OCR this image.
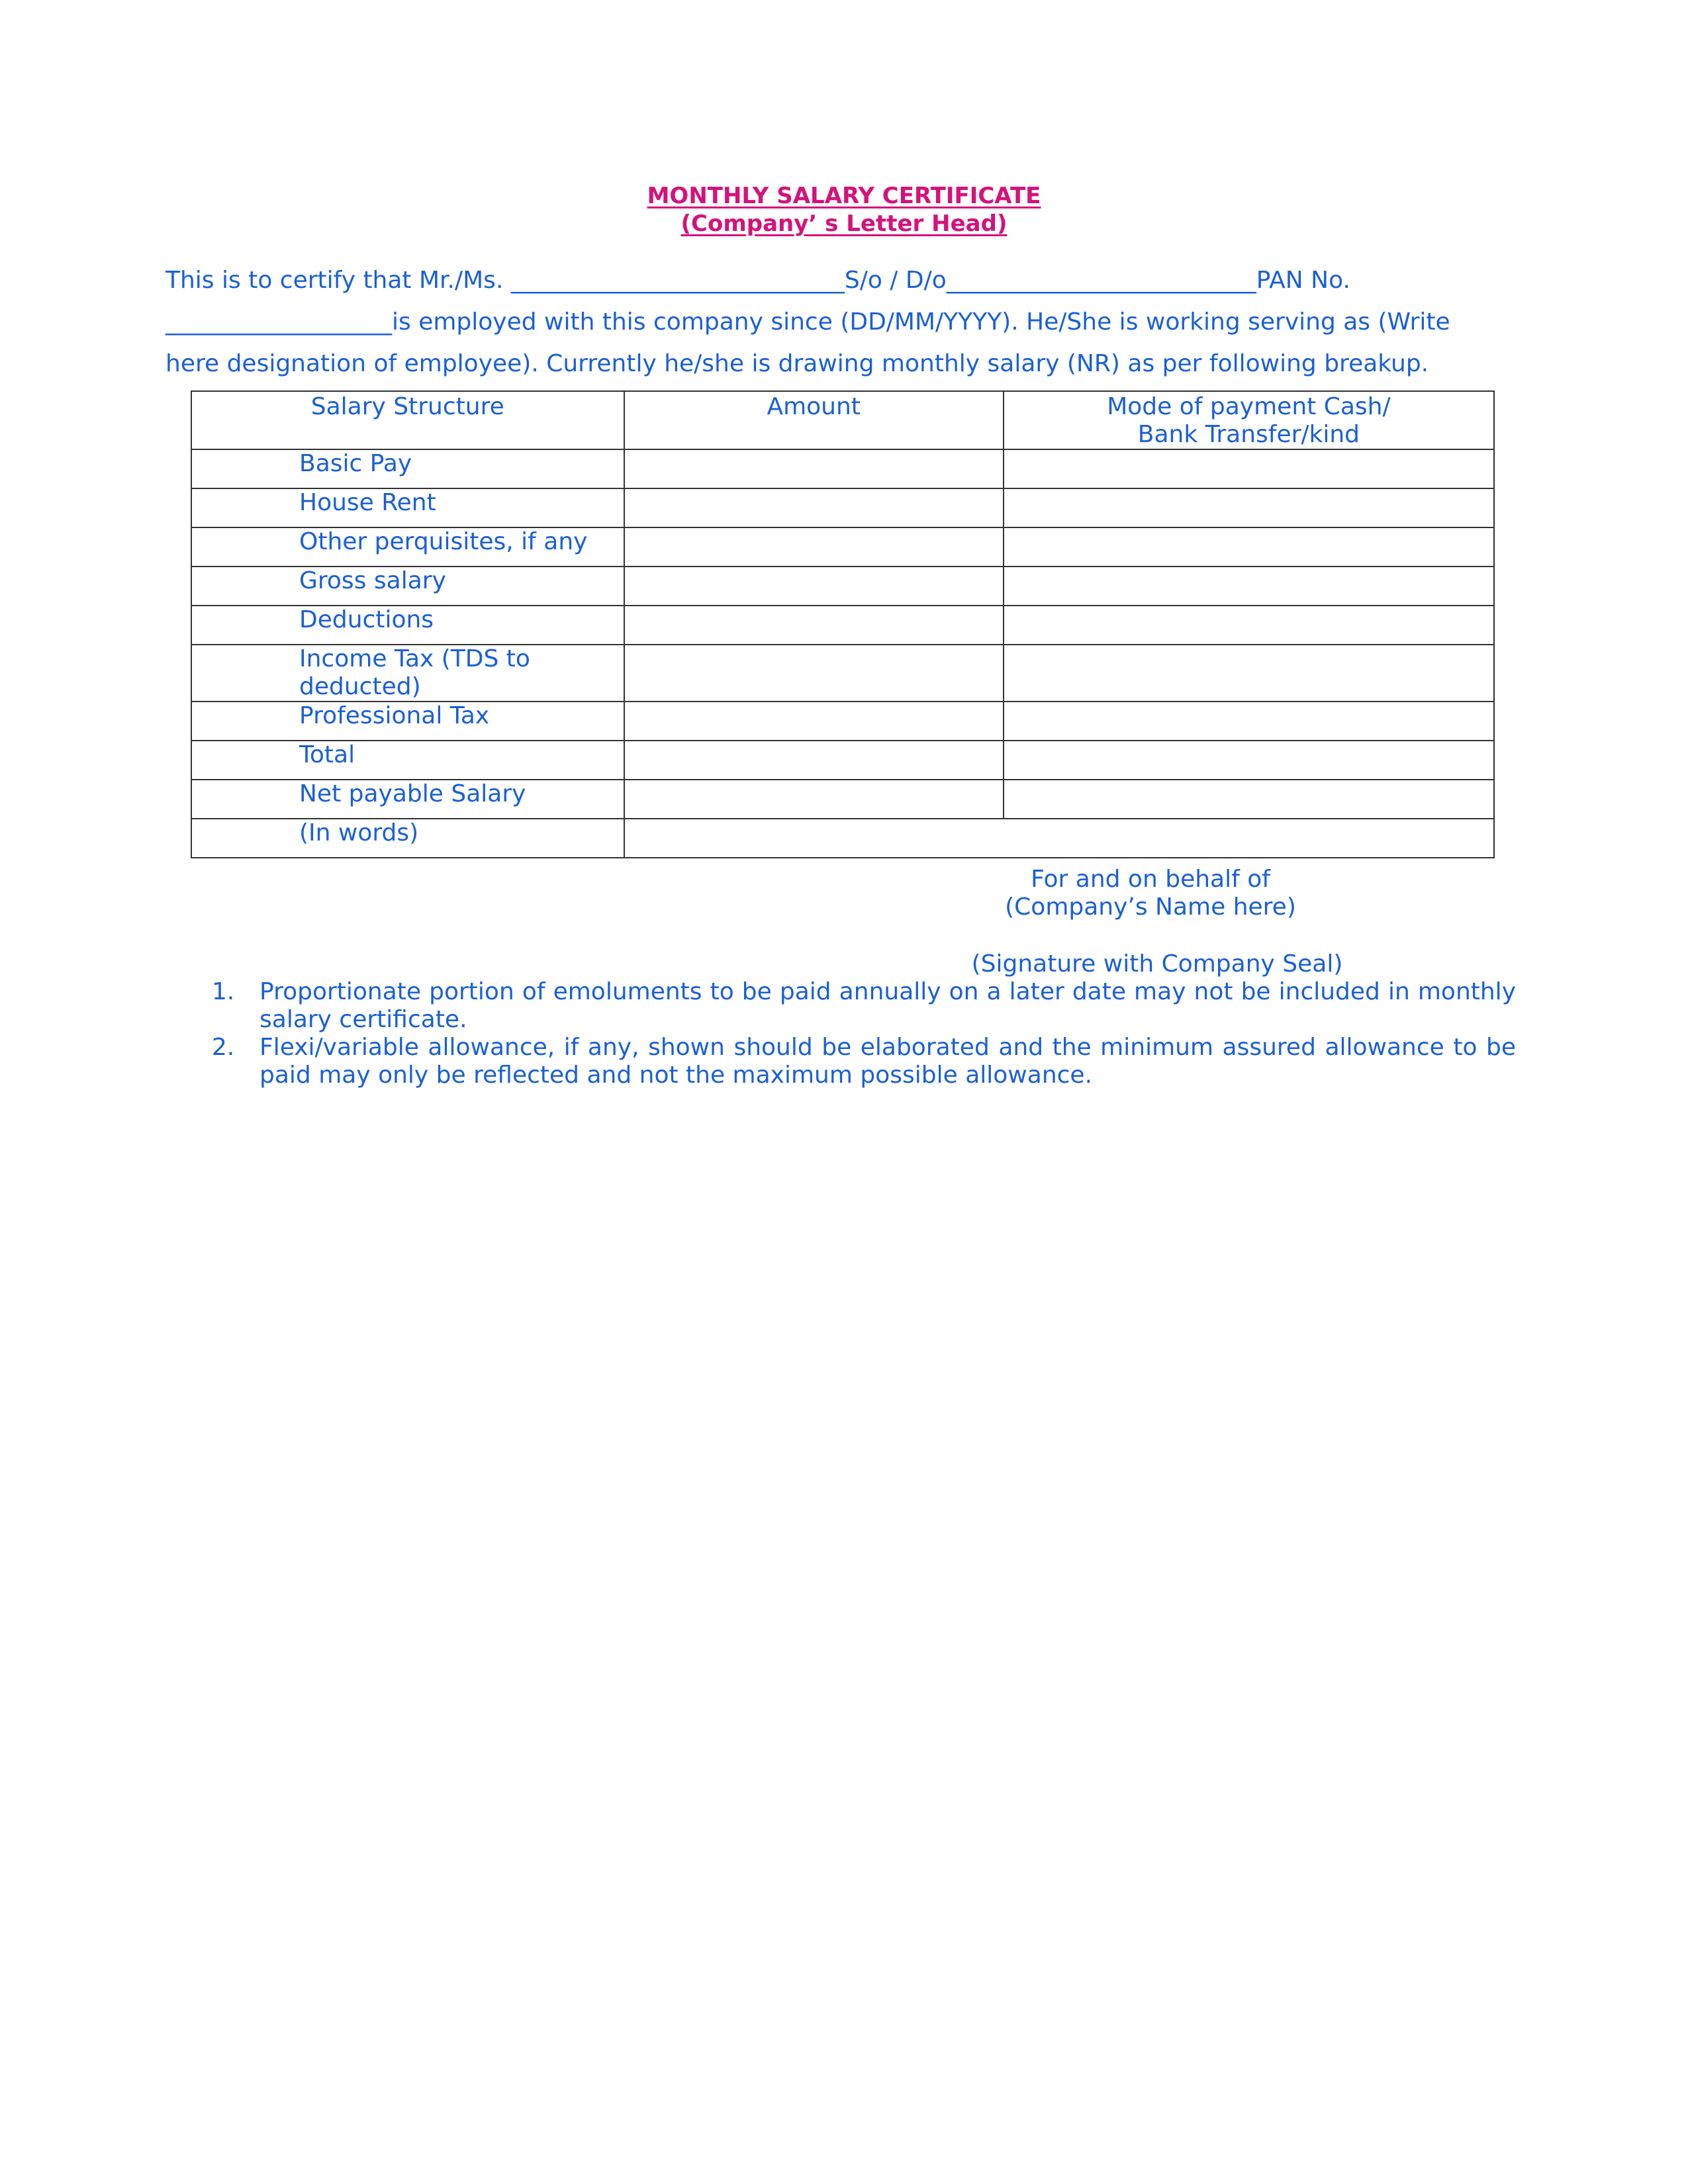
MONTHLY SALARY CERTIFICATE

(Company’ s Letter Head)

This is to certify that Mr./Ms. ____________________________S/o / D/o__________________________PAN No.
___________________is employed with this company since (DD/MM/YYYY). He/She is working serving as (Write
here designation of employee). Currently he/she is drawing monthly salary (NR) as per following breakup.
Salary Structure	Amount	Mode of payment Cash/
Bank Transfer/kind
Basic Pay		
House Rent		
Other perquisites, if any		
Gross salary		
Deductions		
Income Tax (TDS to deducted)		
Professional Tax		
Total		
Net payable Salary		
(In words)		
For and on behalf of
(Company’s Name here)
(Signature with Company Seal)
1. Proportionate portion of emoluments to be paid annually on a later date may not be included in monthly salary certificate.
2. Flexi/variable allowance, if any, shown should be elaborated and the minimum assured allowance to be paid may only be reflected and not the maximum possible allowance.
